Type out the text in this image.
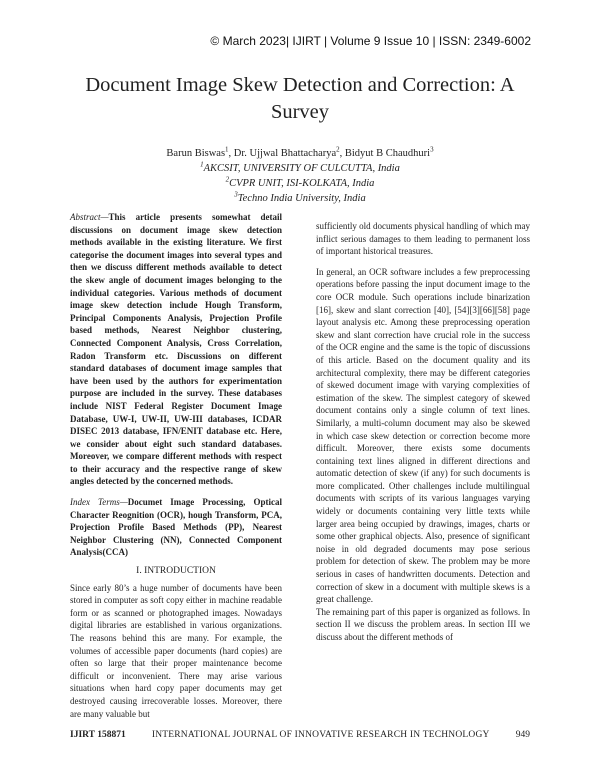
© March 2023| IJIRT | Volume 9 Issue 10 | ISSN: 2349-6002
Document Image Skew Detection and Correction: A Survey
Barun Biswas$^1$, Dr. Ujjwal Bhattacharya$^2$, Bidyut B Chaudhuri$^3$
$^1$AKCSIT, UNIVERSITY OF CULCUTTA, India
$^2$CVPR UNIT, ISI-KOLKATA, India
$^3$Techno India University, India

Abstract—This article presents somewhat detail discussions on document image skew detection methods available in the existing literature. We first categorise the document images into several types and then we discuss different methods available to detect the skew angle of document images belonging to the individual categories. Various methods of document image skew detection include Hough Transform, Principal Components Analysis, Projection Profile based methods, Nearest Neighbor clustering, Connected Component Analysis, Cross Correlation, Radon Transform etc. Discussions on different standard databases of document image samples that have been used by the authors for experimentation purpose are included in the survey. These databases include NIST Federal Register Document Image Database, UW-I, UW-II, UW-III databases, ICDAR DISEC 2013 database, IFN/ENIT database etc. Here, we consider about eight such standard databases. Moreover, we compare different methods with respect to their accuracy and the respective range of skew angles detected by the concerned methods.

Index Terms—Documet Image Processing, Optical Character Reognition (OCR), hough Transform, PCA, Projection Profile Based Methods (PP), Nearest Neighbor Clustering (NN), Connected Component Analysis(CCA)

I. INTRODUCTION

Since early 80’s a huge number of documents have been stored in computer as soft copy either in machine readable form or as scanned or photographed images. Nowadays digital libraries are established in various organizations. The reasons behind this are many. For example, the volumes of accessible paper documents (hard copies) are often so large that their proper maintenance become difficult or inconvenient. There may arise various situations when hard copy paper documents may get destroyed causing irrecoverable losses. Moreover, there are many valuable but

sufficiently old documents physical handling of which may inflict serious damages to them leading to permanent loss of important historical treasures.

In general, an OCR software includes a few preprocessing operations before passing the input document image to the core OCR module. Such operations include binarization [16], skew and slant correction [40], [54][3][66][58] page layout analysis etc. Among these preprocessing operation skew and slant correction have crucial role in the success of the OCR engine and the same is the topic of discussions of this article. Based on the document quality and its architectural complexity, there may be different categories of skewed document image with varying complexities of estimation of the skew. The simplest category of skewed document contains only a single column of text lines. Similarly, a multi-column document may also be skewed in which case skew detection or correction become more difficult. Moreover, there exists some documents containing text lines aligned in different directions and automatic detection of skew (if any) for such documents is more complicated. Other challenges include multilingual documents with scripts of its various languages varying widely or documents containing very little texts while larger area being occupied by drawings, images, charts or some other graphical objects. Also, presence of significant noise in old degraded documents may pose serious problem for detection of skew. The problem may be more serious in cases of handwritten documents. Detection and correction of skew in a document with multiple skews is a great challenge.

The remaining part of this paper is organized as follows. In section II we discuss the problem areas. In section III we discuss about the different methods of

IJIRT 158871	INTERNATIONAL JOURNAL OF INNOVATIVE RESEARCH IN TECHNOLOGY	949
